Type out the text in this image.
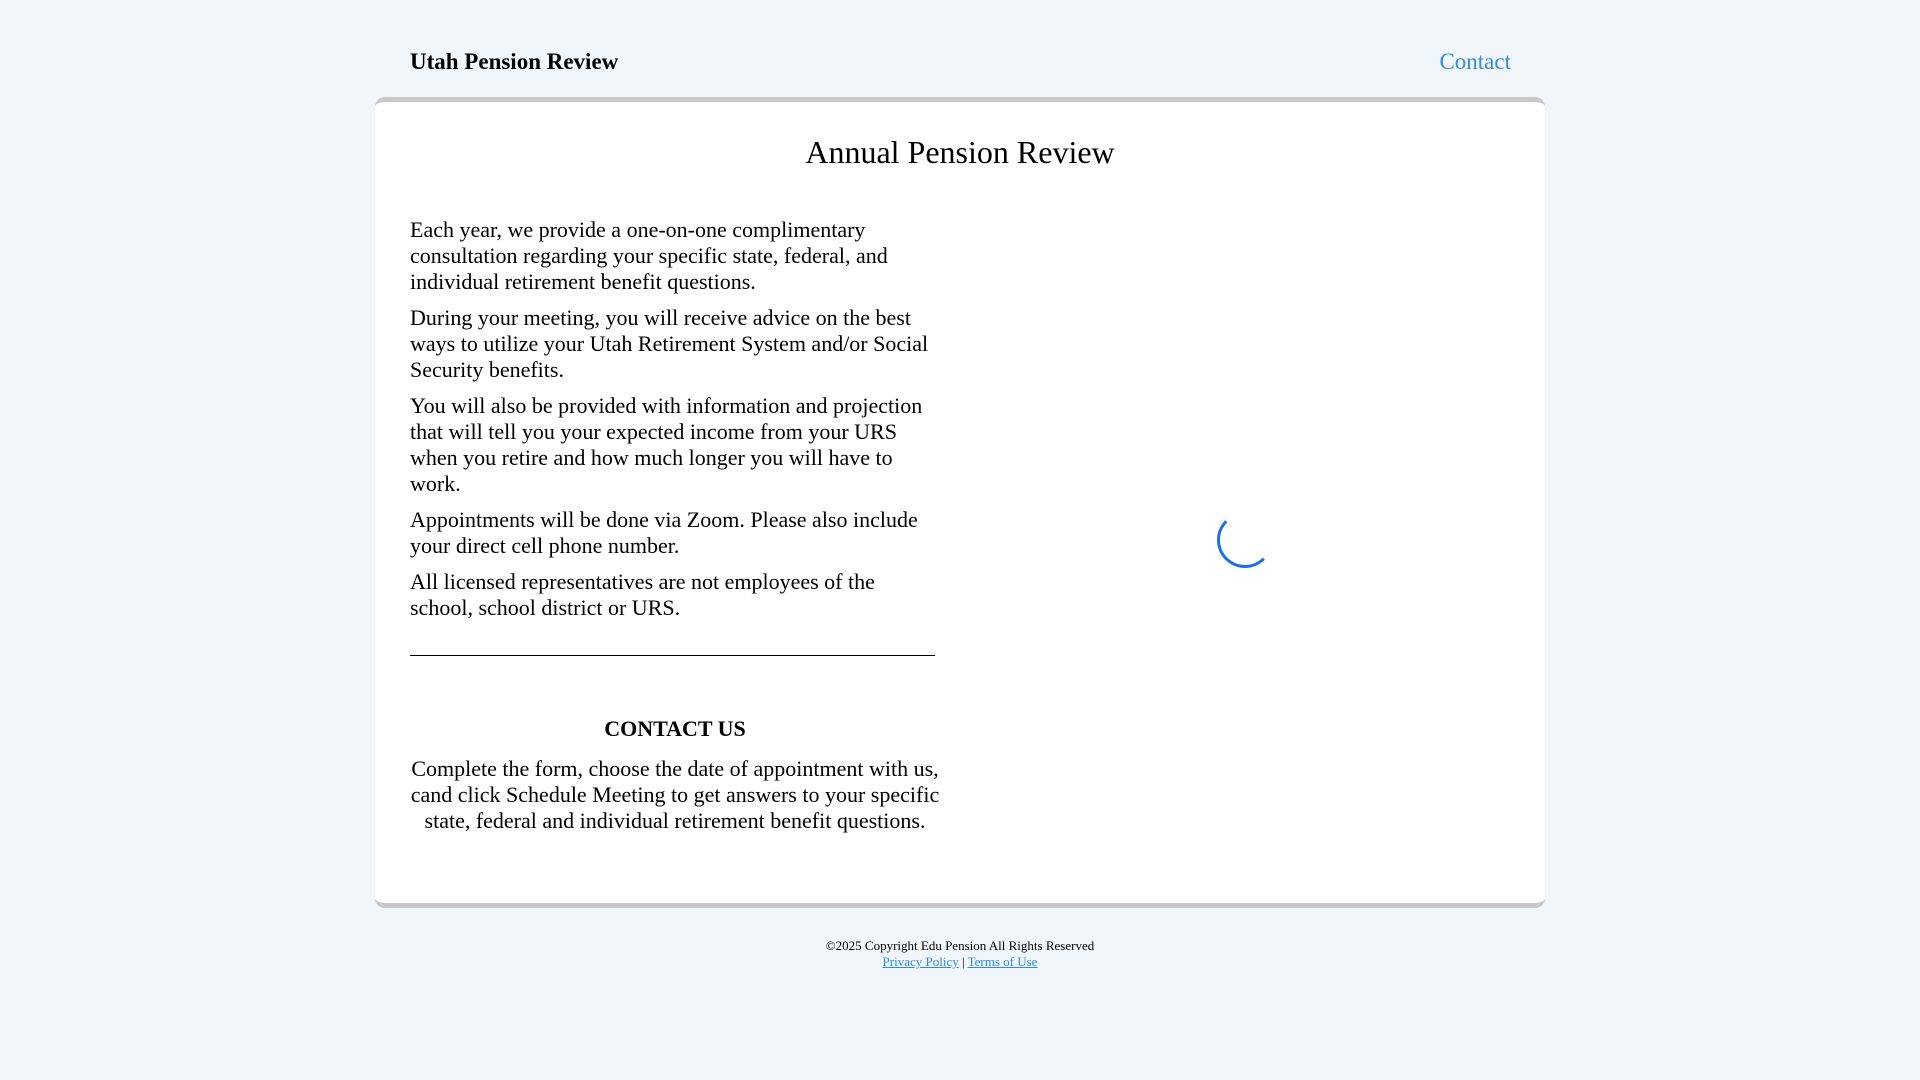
Utah Pension Review	Contact
Annual Pension Review

Each year, we provide a one-on-one complimentary consultation regarding your specific state, federal, and individual retirement benefit questions.

During your meeting, you will receive advice on the best ways to utilize your Utah Retirement System and/or Social Security benefits.

You will also be provided with information and projection that will tell you your expected income from your URS when you retire and how much longer you will have to work.

Appointments will be done via Zoom. Please also include your direct cell phone number.

All licensed representatives are not employees of the school, school district or URS.

CONTACT US

Complete the form, choose the date of appointment with us, cand click Schedule Meeting to get answers to your specific state, federal and individual retirement benefit questions.

©2025 Copyright Edu Pension All Rights Reserved
Privacy Policy | Terms of Use
